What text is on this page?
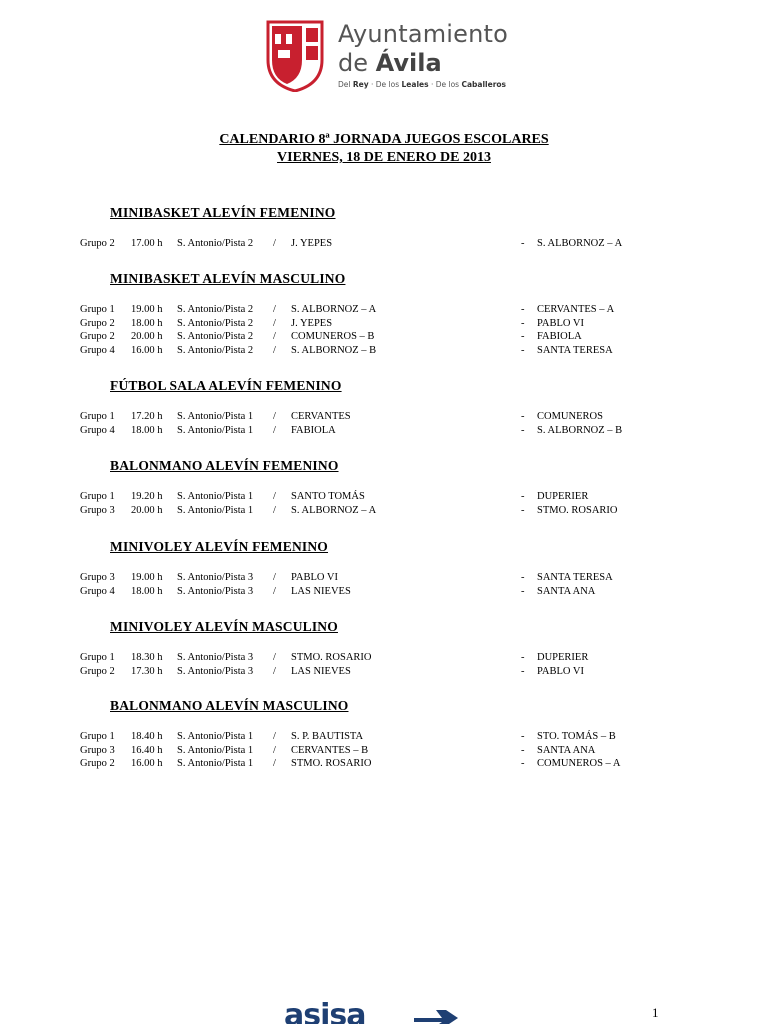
Ayuntamiento
de Ávila
Del Rey · De los Leales · De los Caballeros
CALENDARIO 8ª JORNADA JUEGOS ESCOLARES
VIERNES, 18 DE ENERO DE 2013
MINIBASKET ALEVÍN FEMENINO
Grupo 2 17.00 h S. Antonio/Pista 2 / J. YEPES	- S. ALBORNOZ – A
MINIBASKET ALEVÍN MASCULINO
Grupo 1 19.00 h S. Antonio/Pista 2 / S. ALBORNOZ – A	- CERVANTES – A
Grupo 2 18.00 h S. Antonio/Pista 2 / J. YEPES	- PABLO VI
Grupo 2 20.00 h S. Antonio/Pista 2 / COMUNEROS – B	- FABIOLA
Grupo 4 16.00 h S. Antonio/Pista 2 / S. ALBORNOZ – B	- SANTA TERESA
FÚTBOL SALA ALEVÍN FEMENINO
Grupo 1 17.20 h S. Antonio/Pista 1 / CERVANTES	- COMUNEROS
Grupo 4 18.00 h S. Antonio/Pista 1 / FABIOLA	- S. ALBORNOZ – B
BALONMANO ALEVÍN FEMENINO
Grupo 1 19.20 h S. Antonio/Pista 1 / SANTO TOMÁS	- DUPERIER
Grupo 3 20.00 h S. Antonio/Pista 1 / S. ALBORNOZ – A	- STMO. ROSARIO
MINIVOLEY ALEVÍN FEMENINO
Grupo 3 19.00 h S. Antonio/Pista 3 / PABLO VI	- SANTA TERESA
Grupo 4 18.00 h S. Antonio/Pista 3 / LAS NIEVES	- SANTA ANA
MINIVOLEY ALEVÍN MASCULINO
Grupo 1 18.30 h S. Antonio/Pista 3 / STMO. ROSARIO	- DUPERIER
Grupo 2 17.30 h S. Antonio/Pista 3 / LAS NIEVES	- PABLO VI
BALONMANO ALEVÍN MASCULINO
Grupo 1 18.40 h S. Antonio/Pista 1 / S. P. BAUTISTA	- STO. TOMÁS – B
Grupo 3 16.40 h S. Antonio/Pista 1 / CERVANTES – B	- SANTA ANA
Grupo 2 16.00 h S. Antonio/Pista 1 / STMO. ROSARIO	- COMUNEROS – A
asisa	1
